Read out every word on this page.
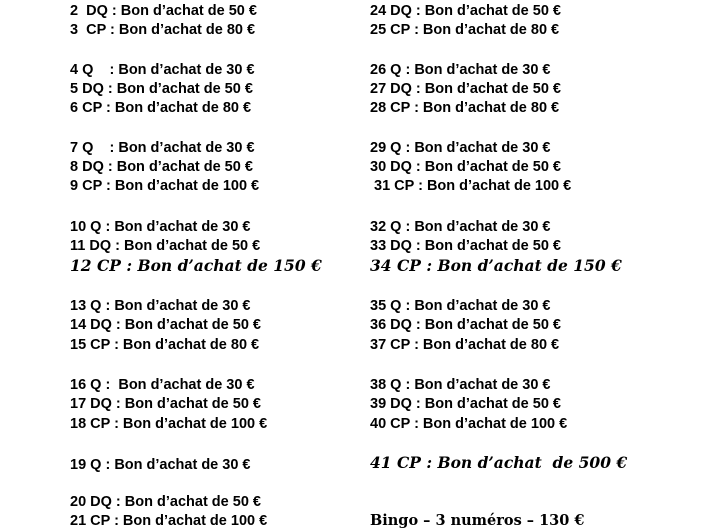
2  DQ : Bon d’achat de 50 €
3  CP : Bon d’achat de 80 €
4 Q    : Bon d’achat de 30 €
5 DQ : Bon d’achat de 50 €
6 CP : Bon d’achat de 80 €
7 Q    : Bon d’achat de 30 €
8 DQ : Bon d’achat de 50 €
9 CP : Bon d’achat de 100 €
10 Q : Bon d’achat de 30 €
11 DQ : Bon d’achat de 50 €
12 CP : Bon d’achat de 150 €
13 Q : Bon d’achat de 30 €
14 DQ : Bon d’achat de 50 €
15 CP : Bon d’achat de 80 €
16 Q :  Bon d’achat de 30 €
17 DQ : Bon d’achat de 50 €
18 CP : Bon d’achat de 100 €
19 Q : Bon d’achat de 30 €
20 DQ : Bon d’achat de 50 €
21 CP : Bon d’achat de 100 €
24 DQ : Bon d’achat de 50 €
25 CP : Bon d’achat de 80 €
26 Q : Bon d’achat de 30 €
27 DQ : Bon d’achat de 50 €
28 CP : Bon d’achat de 80 €
29 Q : Bon d’achat de 30 €
30 DQ : Bon d’achat de 50 €
31 CP : Bon d’achat de 100 €
32 Q : Bon d’achat de 30 €
33 DQ : Bon d’achat de 50 €
34 CP : Bon d’achat de 150 €
35 Q : Bon d’achat de 30 €
36 DQ : Bon d’achat de 50 €
37 CP : Bon d’achat de 80 €
38 Q : Bon d’achat de 30 €
39 DQ : Bon d’achat de 50 €
40 CP : Bon d’achat de 100 €
41 CP : Bon d’achat  de 500 €
Bingo – 3 numéros – 130 €
